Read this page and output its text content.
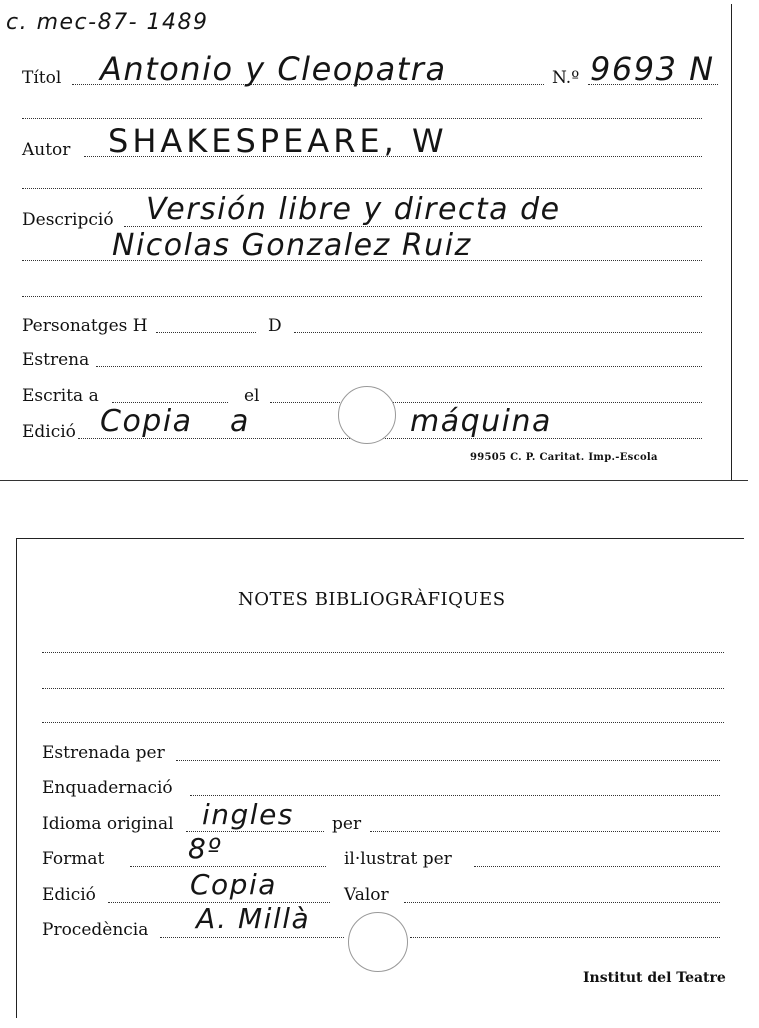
c. mec-87- 1489
Títol Antonio y Cleopatra	N.º 9693 N
Autor SHAKESPEARE, W
Descripció Versión libre y directa de
Nicolas Gonzalez Ruiz
Personatges H	D
Estrena
Escrita a	el
Edició Copia a	máquina
99505 C. P. Caritat. Imp.-Escola
NOTES BIBLIOGRÀFIQUES
Estrenada per
Enquadernació
Idioma original ingles per
Format	8º	il·lustrat per
Edició	Copia	Valor
Procedència A. Millà
Institut del Teatre
